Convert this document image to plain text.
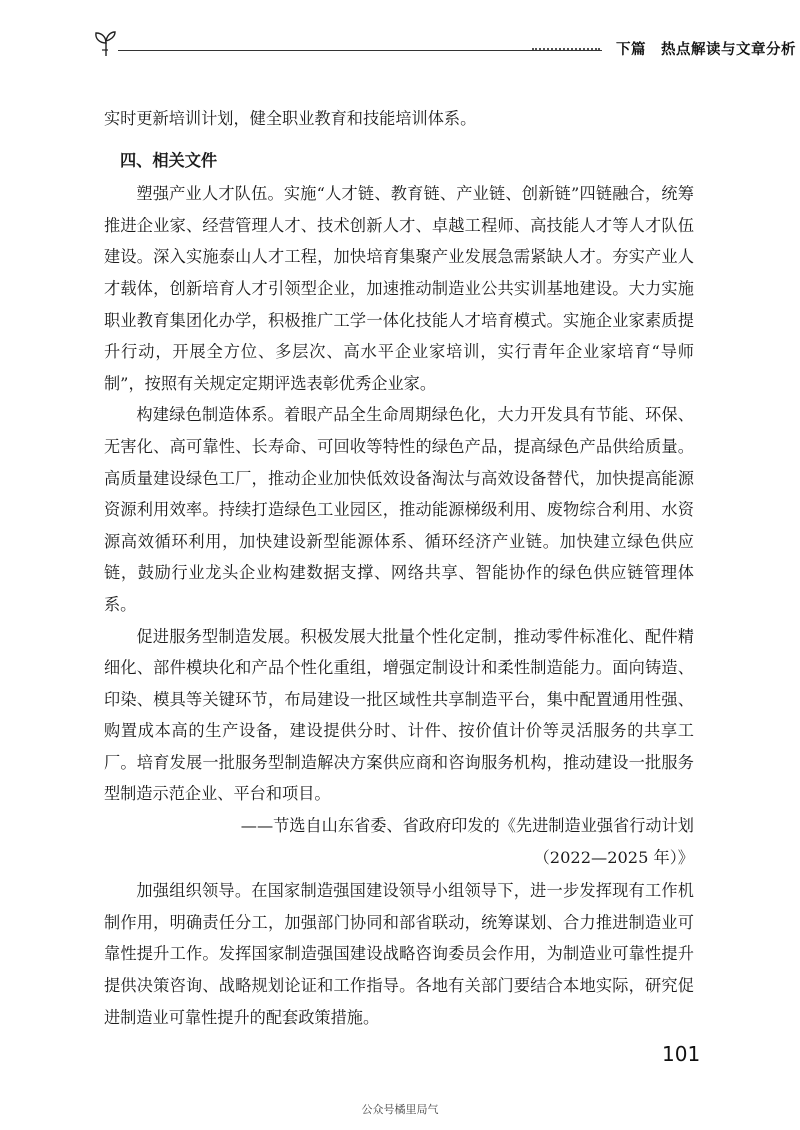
下篇　热点解读与文章分析

实时更新培训计划，健全职业教育和技能培训体系。

四、相关文件

塑强产业人才队伍。实施“人才链、教育链、产业链、创新链”四链融合，统筹推进企业家、经营管理人才、技术创新人才、卓越工程师、高技能人才等人才队伍建设。深入实施泰山人才工程，加快培育集聚产业发展急需紧缺人才。夯实产业人才载体，创新培育人才引领型企业，加速推动制造业公共实训基地建设。大力实施职业教育集团化办学，积极推广工学一体化技能人才培育模式。实施企业家素质提升行动，开展全方位、多层次、高水平企业家培训，实行青年企业家培育“导师制”，按照有关规定定期评选表彰优秀企业家。

构建绿色制造体系。着眼产品全生命周期绿色化，大力开发具有节能、环保、无害化、高可靠性、长寿命、可回收等特性的绿色产品，提高绿色产品供给质量。高质量建设绿色工厂，推动企业加快低效设备淘汰与高效设备替代，加快提高能源资源利用效率。持续打造绿色工业园区，推动能源梯级利用、废物综合利用、水资源高效循环利用，加快建设新型能源体系、循环经济产业链。加快建立绿色供应链，鼓励行业龙头企业构建数据支撑、网络共享、智能协作的绿色供应链管理体系。

促进服务型制造发展。积极发展大批量个性化定制，推动零件标准化、配件精细化、部件模块化和产品个性化重组，增强定制设计和柔性制造能力。面向铸造、印染、模具等关键环节，布局建设一批区域性共享制造平台，集中配置通用性强、购置成本高的生产设备，建设提供分时、计件、按价值计价等灵活服务的共享工厂。培育发展一批服务型制造解决方案供应商和咨询服务机构，推动建设一批服务型制造示范企业、平台和项目。

——节选自山东省委、省政府印发的《先进制造业强省行动计划

（2022—2025 年）》

加强组织领导。在国家制造强国建设领导小组领导下，进一步发挥现有工作机制作用，明确责任分工，加强部门协同和部省联动，统筹谋划、合力推进制造业可靠性提升工作。发挥国家制造强国建设战略咨询委员会作用，为制造业可靠性提升提供决策咨询、战略规划论证和工作指导。各地有关部门要结合本地实际，研究促进制造业可靠性提升的配套政策措施。

101
公众号橘里局气
